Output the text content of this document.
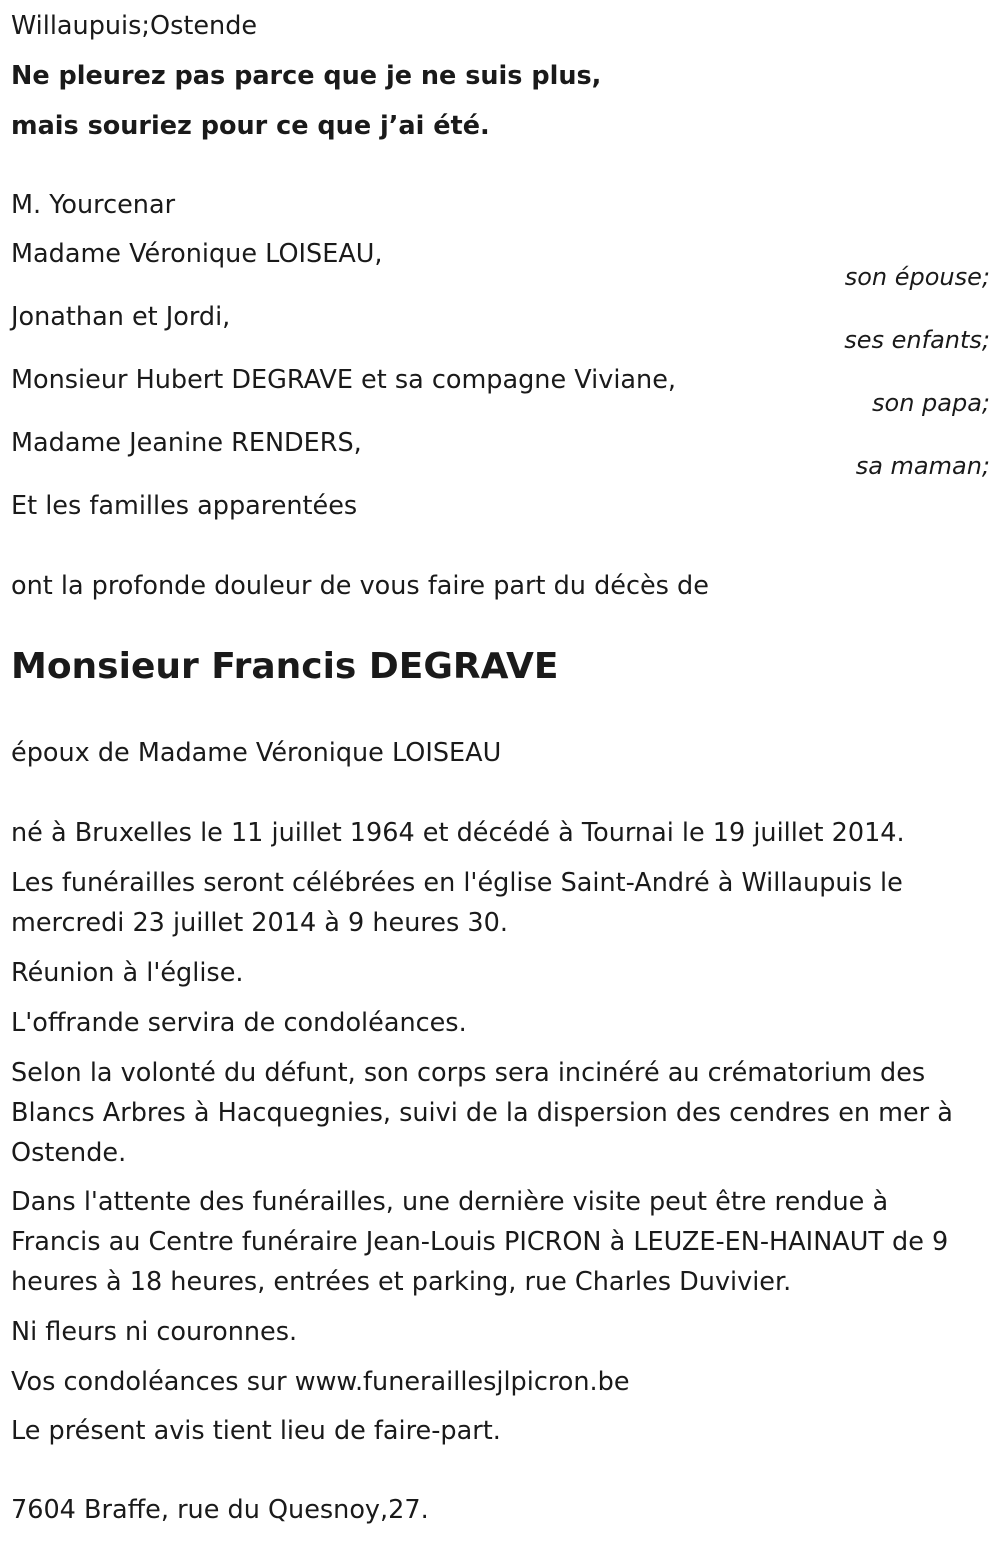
Willaupuis;Ostende
Ne pleurez pas parce que je ne suis plus,
mais souriez pour ce que j’ai été.
M. Yourcenar
Madame Véronique LOISEAU,
son épouse;
Jonathan et Jordi,
ses enfants;
Monsieur Hubert DEGRAVE et sa compagne Viviane,
son papa;
Madame Jeanine RENDERS,
sa maman;
Et les familles apparentées
ont la profonde douleur de vous faire part du décès de
Monsieur Francis DEGRAVE
époux de Madame Véronique LOISEAU
né à Bruxelles le 11 juillet 1964 et décédé à Tournai le 19 juillet 2014.
Les funérailles seront célébrées en l'église Saint-André à Willaupuis le
mercredi 23 juillet 2014 à 9 heures 30.
Réunion à l'église.
L'offrande servira de condoléances.
Selon la volonté du défunt, son corps sera incinéré au crématorium des
Blancs Arbres à Hacquegnies, suivi de la dispersion des cendres en mer à
Ostende.
Dans l'attente des funérailles, une dernière visite peut être rendue à
Francis au Centre funéraire Jean-Louis PICRON à LEUZE-EN-HAINAUT de 9
heures à 18 heures, entrées et parking, rue Charles Duvivier.
Ni fleurs ni couronnes.
Vos condoléances sur www.funeraillesjlpicron.be
Le présent avis tient lieu de faire-part.
7604 Braffe, rue du Quesnoy,27.
